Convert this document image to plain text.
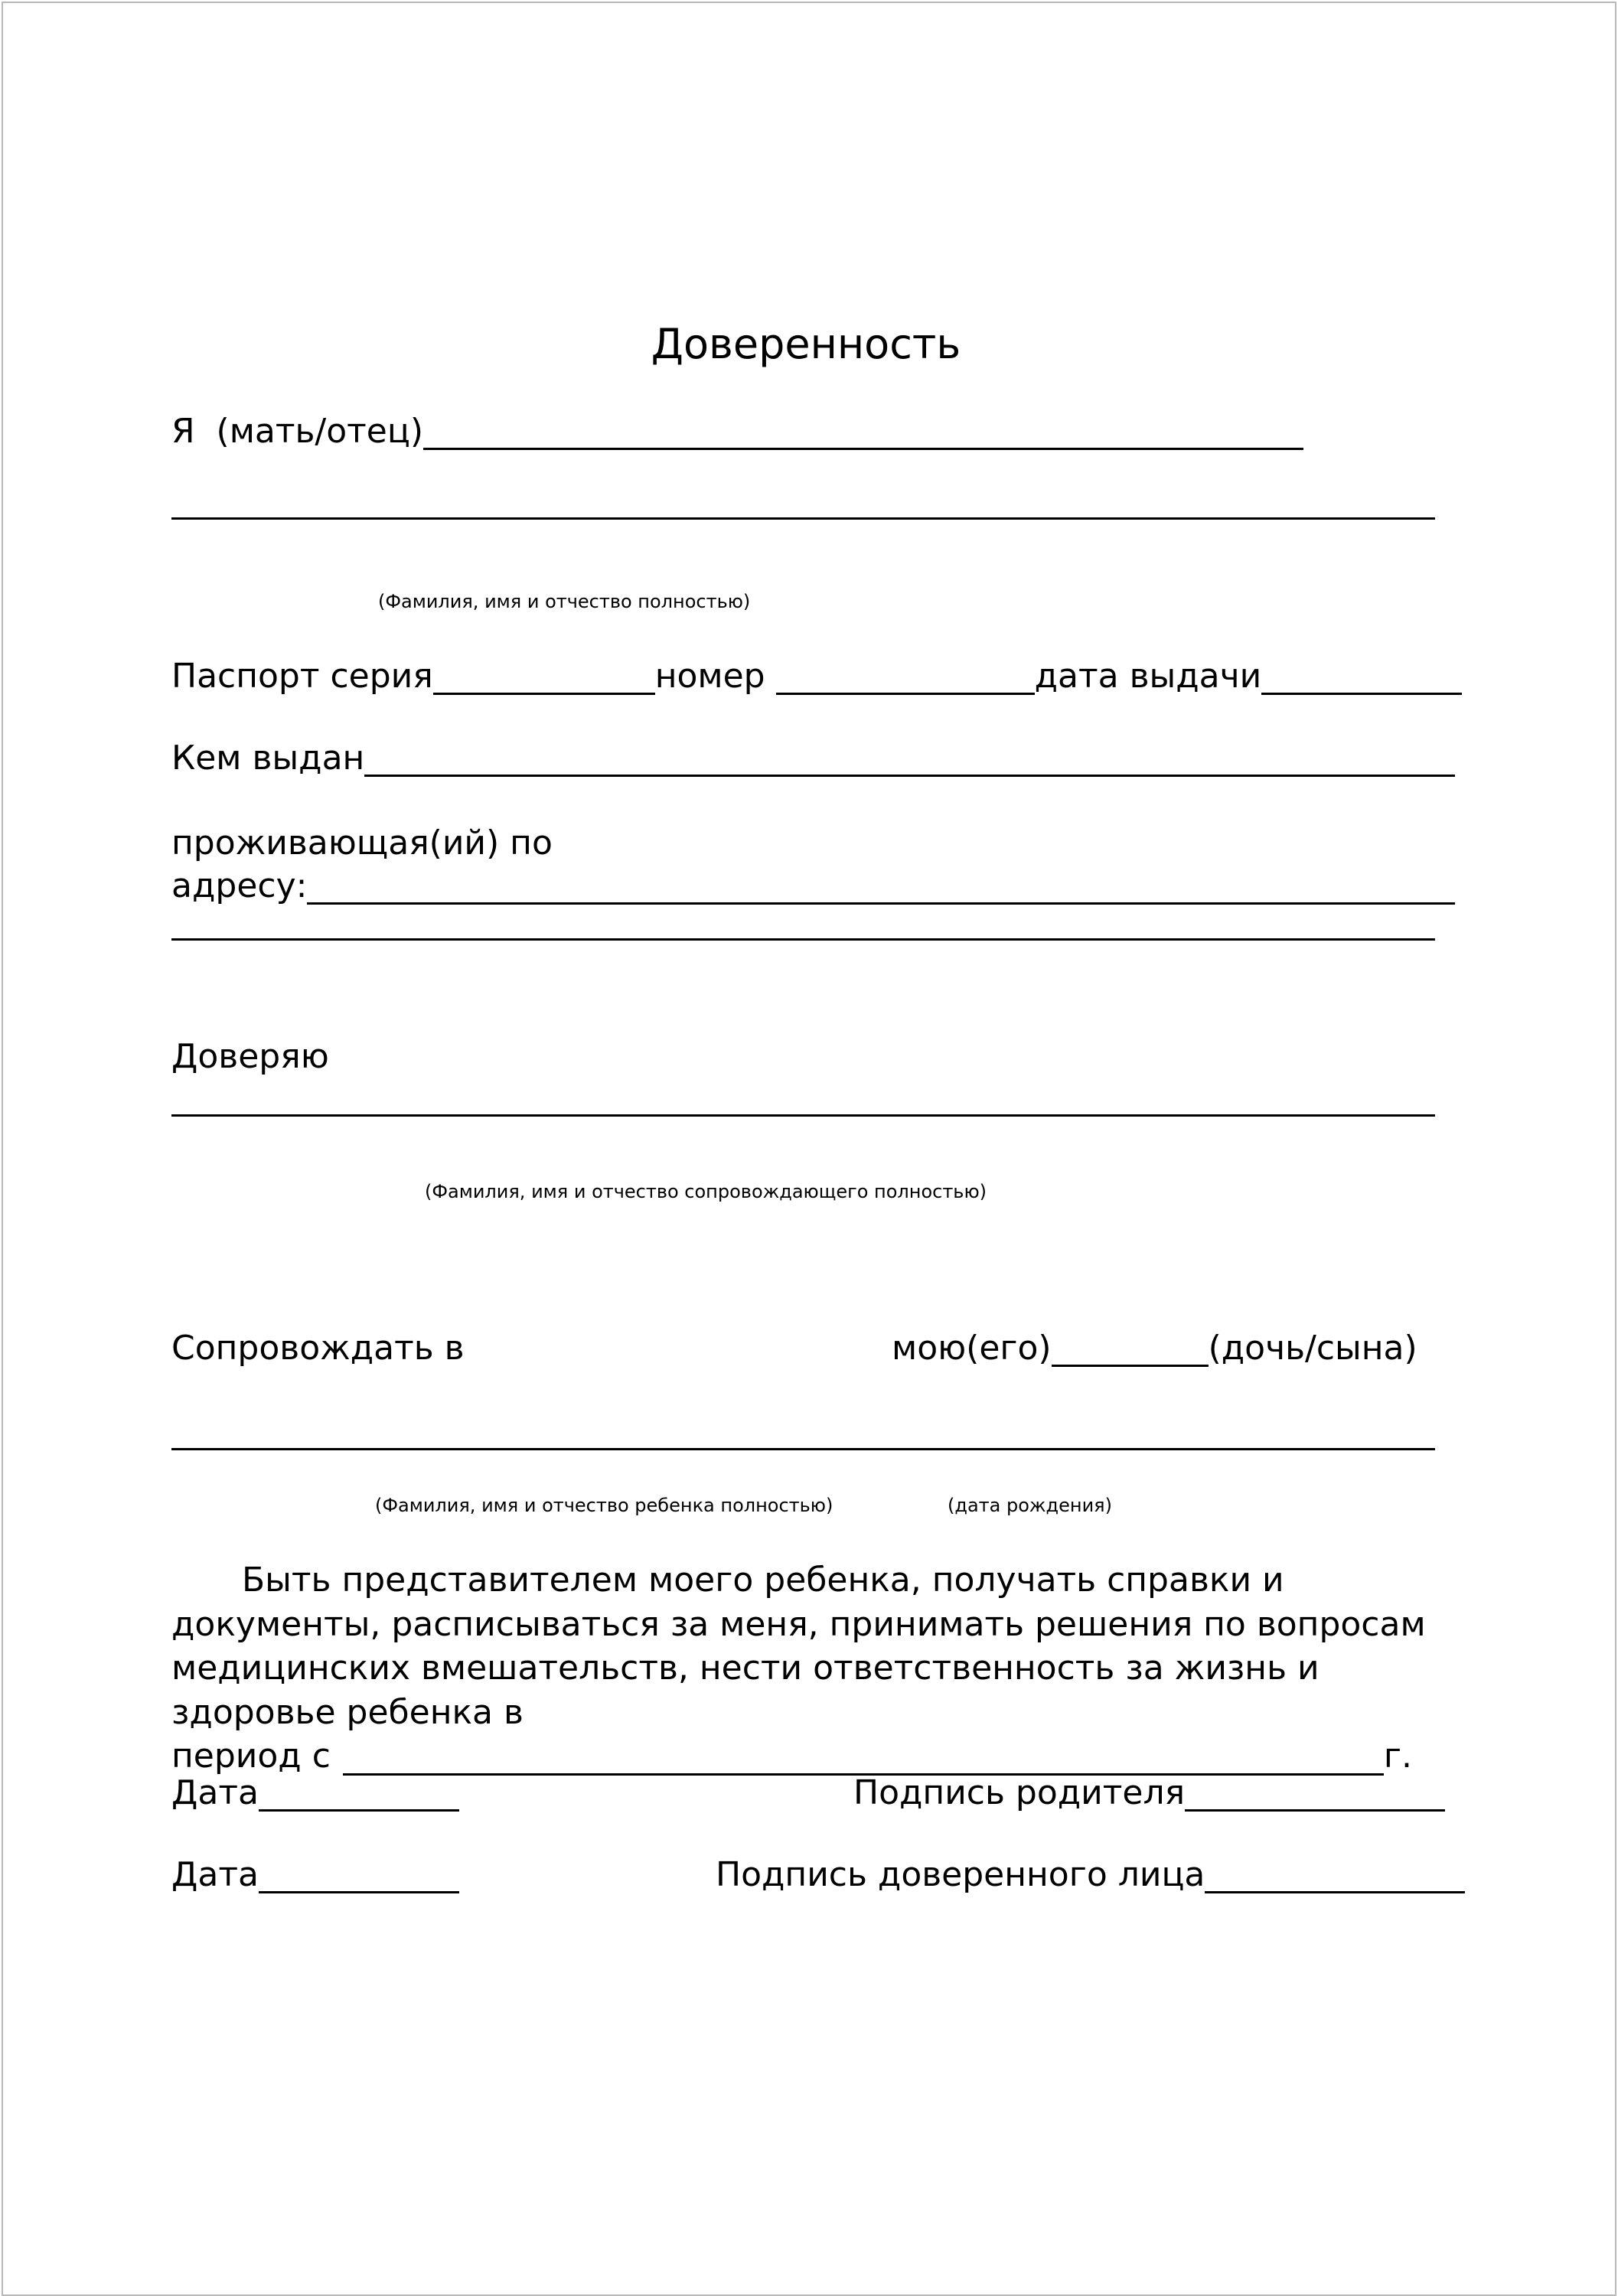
Доверенность
Я  (мать/отец)
(Фамилия, имя и отчество полностью)
Паспорт серия	номер	дата выдачи
Кем выдан
проживающая(ий) по
адресу:
Доверяю
(Фамилия, имя и отчество сопровождающего полностью)
Сопровождать в	мою(его)	(дочь/сына)
(Фамилия, имя и отчество ребенка полностью)	(дата рождения)
Быть представителем моего ребенка, получать справки и документы, расписываться за меня, принимать решения по вопросам медицинских вмешательств, нести ответственность за жизнь и здоровье ребенка в
период с	г.
Дата	Подпись родителя
Дата	Подпись доверенного лица
